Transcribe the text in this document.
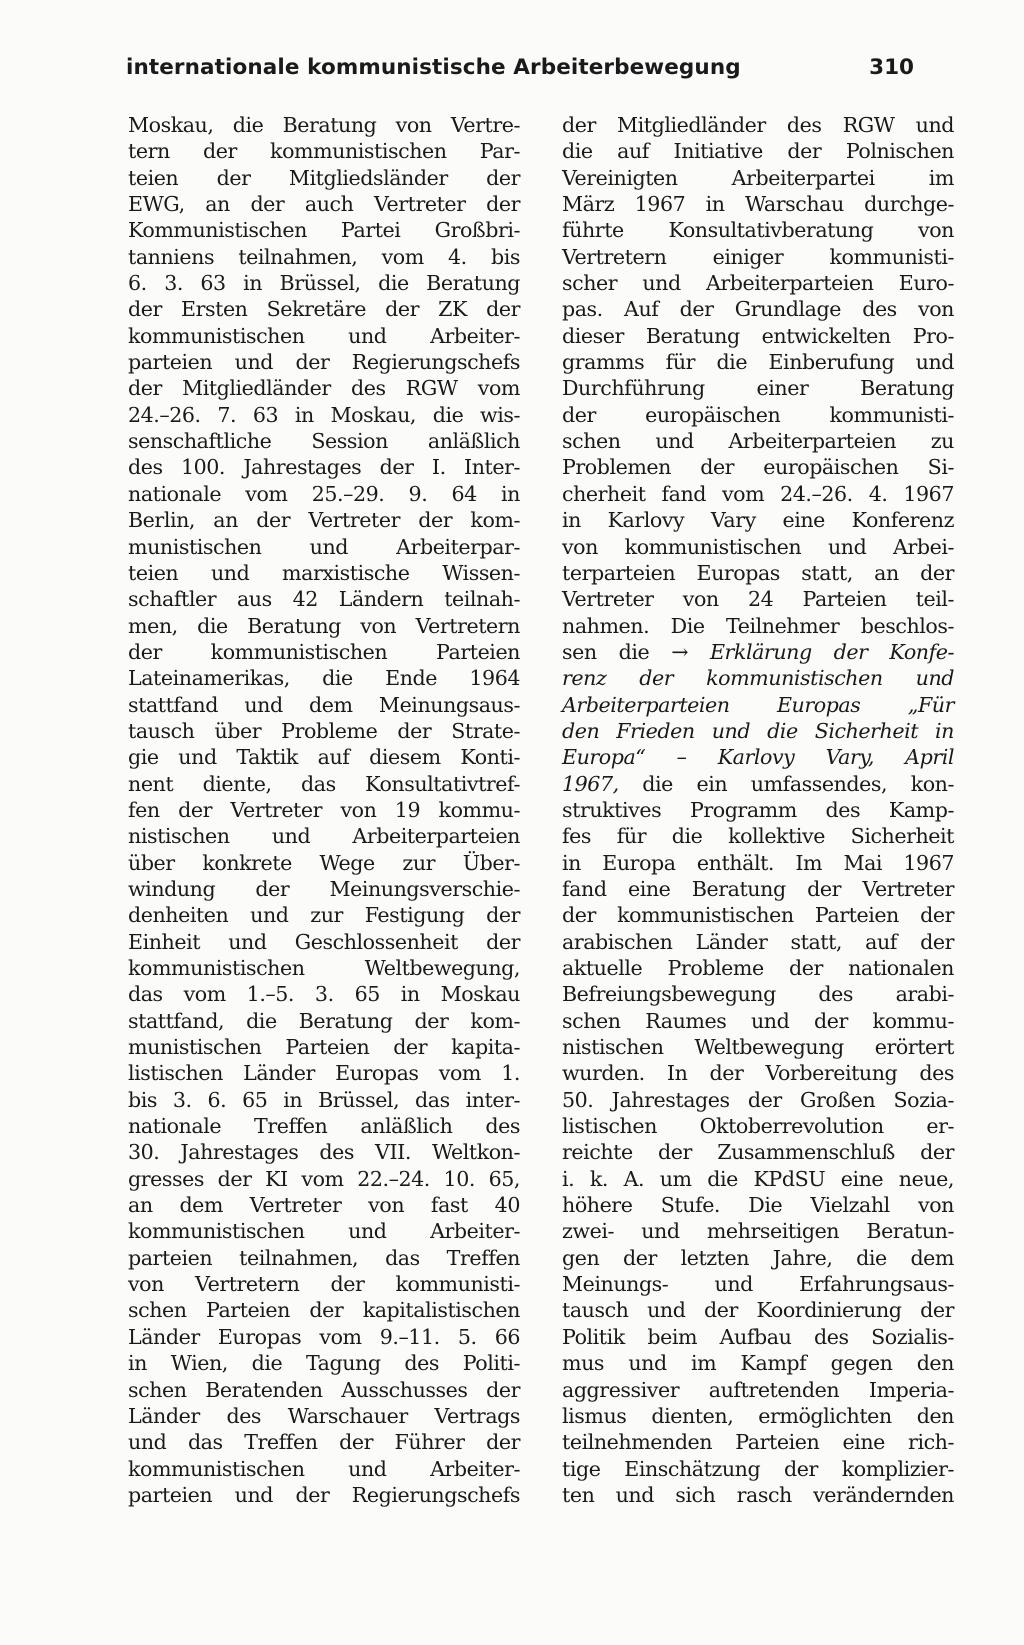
internationale kommunistische Arbeiterbewegung	310
Moskau, die Beratung von Vertre-
tern der kommunistischen Par-
teien der Mitgliedsländer der
EWG, an der auch Vertreter der
Kommunistischen Partei Großbri-
tanniens teilnahmen, vom 4. bis
6. 3. 63 in Brüssel, die Beratung
der Ersten Sekretäre der ZK der
kommunistischen und Arbeiter-
parteien und der Regierungschefs
der Mitgliedländer des RGW vom
24.–26. 7. 63 in Moskau, die wis-
senschaftliche Session anläßlich
des 100. Jahrestages der I. Inter-
nationale vom 25.–29. 9. 64 in
Berlin, an der Vertreter der kom-
munistischen und Arbeiterpar-
teien und marxistische Wissen-
schaftler aus 42 Ländern teilnah-
men, die Beratung von Vertretern
der kommunistischen Parteien
Lateinamerikas, die Ende 1964
stattfand und dem Meinungsaus-
tausch über Probleme der Strate-
gie und Taktik auf diesem Konti-
nent diente, das Konsultativtref-
fen der Vertreter von 19 kommu-
nistischen und Arbeiterparteien
über konkrete Wege zur Über-
windung der Meinungsverschie-
denheiten und zur Festigung der
Einheit und Geschlossenheit der
kommunistischen Weltbewegung,
das vom 1.–5. 3. 65 in Moskau
stattfand, die Beratung der kom-
munistischen Parteien der kapita-
listischen Länder Europas vom 1.
bis 3. 6. 65 in Brüssel, das inter-
nationale Treffen anläßlich des
30. Jahrestages des VII. Weltkon-
gresses der KI vom 22.–24. 10. 65,
an dem Vertreter von fast 40
kommunistischen und Arbeiter-
parteien teilnahmen, das Treffen
von Vertretern der kommunisti-
schen Parteien der kapitalistischen
Länder Europas vom 9.–11. 5. 66
in Wien, die Tagung des Politi-
schen Beratenden Ausschusses der
Länder des Warschauer Vertrags
und das Treffen der Führer der
kommunistischen und Arbeiter-
parteien und der Regierungschefs
der Mitgliedländer des RGW und
die auf Initiative der Polnischen
Vereinigten Arbeiterpartei im
März 1967 in Warschau durchge-
führte Konsultativberatung von
Vertretern einiger kommunisti-
scher und Arbeiterparteien Euro-
pas. Auf der Grundlage des von
dieser Beratung entwickelten Pro-
gramms für die Einberufung und
Durchführung einer Beratung
der europäischen kommunisti-
schen und Arbeiterparteien zu
Problemen der europäischen Si-
cherheit fand vom 24.–26. 4. 1967
in Karlovy Vary eine Konferenz
von kommunistischen und Arbei-
terparteien Europas statt, an der
Vertreter von 24 Parteien teil-
nahmen. Die Teilnehmer beschlos-
sen die → Erklärung der Konfe-
renz der kommunistischen und
Arbeiterparteien Europas „Für
den Frieden und die Sicherheit in
Europa“ – Karlovy Vary, April
1967, die ein umfassendes, kon-
struktives Programm des Kamp-
fes für die kollektive Sicherheit
in Europa enthält. Im Mai 1967
fand eine Beratung der Vertreter
der kommunistischen Parteien der
arabischen Länder statt, auf der
aktuelle Probleme der nationalen
Befreiungsbewegung des arabi-
schen Raumes und der kommu-
nistischen Weltbewegung erörtert
wurden. In der Vorbereitung des
50. Jahrestages der Großen Sozia-
listischen Oktoberrevolution er-
reichte der Zusammenschluß der
i. k. A. um die KPdSU eine neue,
höhere Stufe. Die Vielzahl von
zwei- und mehrseitigen Beratun-
gen der letzten Jahre, die dem
Meinungs- und Erfahrungsaus-
tausch und der Koordinierung der
Politik beim Aufbau des Sozialis-
mus und im Kampf gegen den
aggressiver auftretenden Imperia-
lismus dienten, ermöglichten den
teilnehmenden Parteien eine rich-
tige Einschätzung der komplizier-
ten und sich rasch verändernden
